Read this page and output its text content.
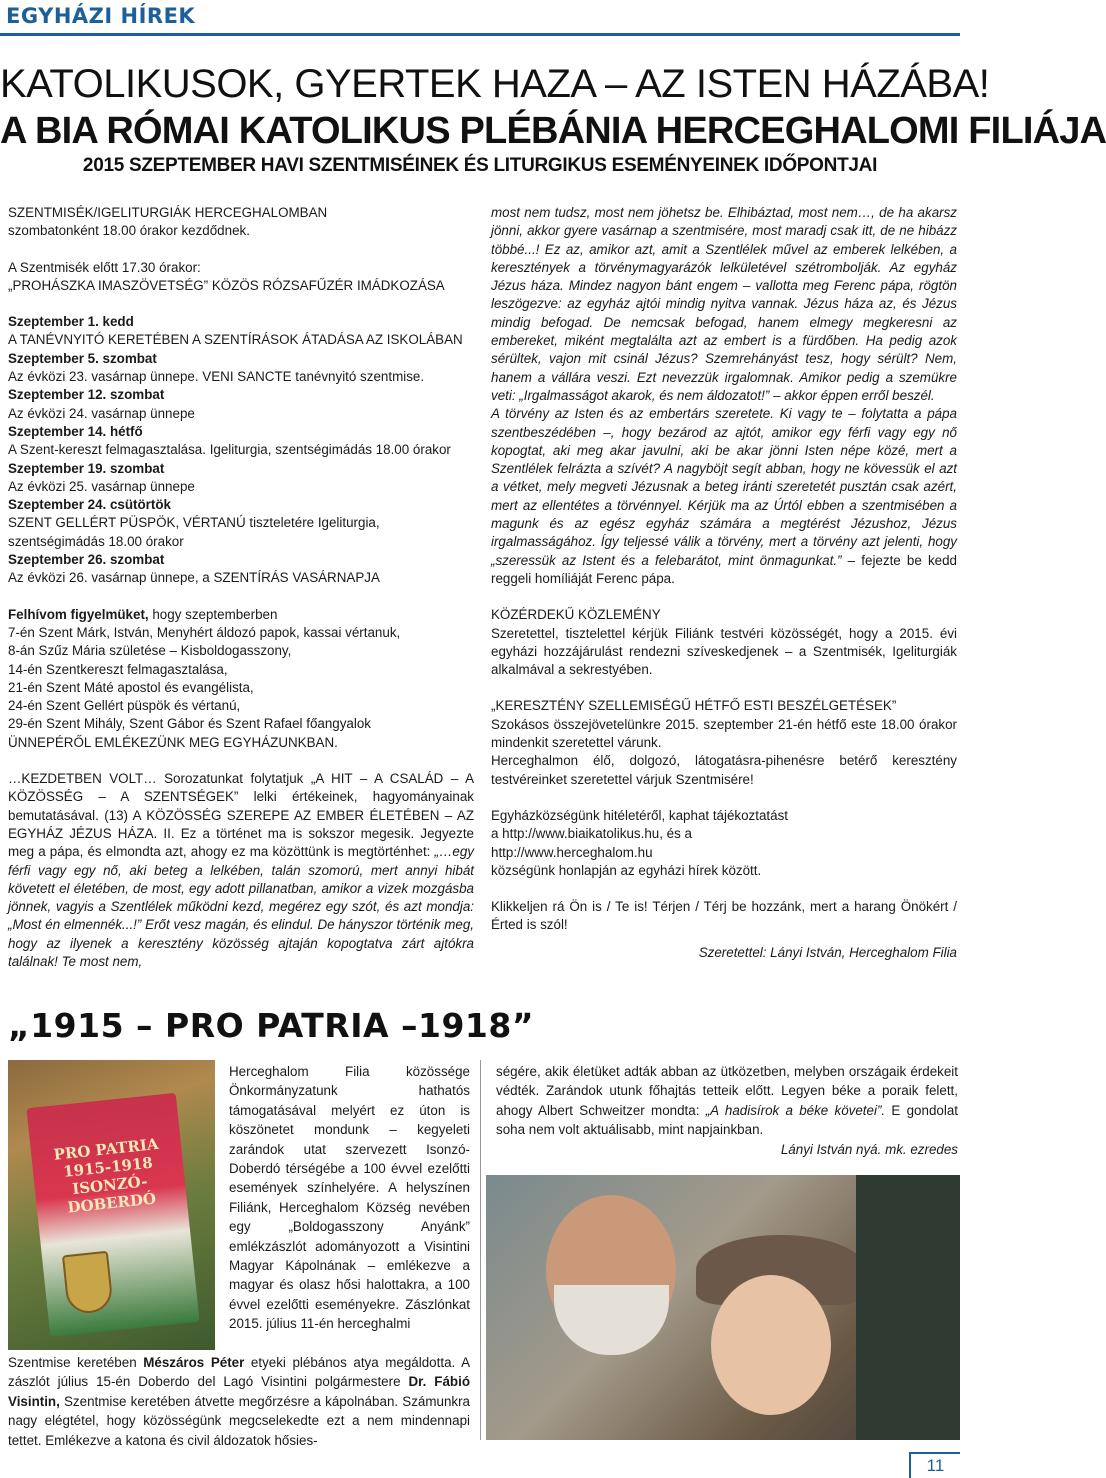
EGYHÁZI HÍREK
KATOLIKUSOK, GYERTEK HAZA – AZ ISTEN HÁZÁBA!
A BIA RÓMAI KATOLIKUS PLÉBÁNIA HERCEGHALOMI FILIÁJA
2015 SZEPTEMBER HAVI SZENTMISÉINEK ÉS LITURGIKUS ESEMÉNYEINEK IDŐPONTJAI

SZENTMISÉK/IGELITURGIÁK HERCEGHALOMBAN

szombatonként 18.00 órakor kezdődnek.

A Szentmisék előtt 17.30 órakor:

„PROHÁSZKA IMASZÖVETSÉG” KÖZÖS RÓZSAFŰZÉR IMÁDKOZÁSA

Szeptember 1. kedd

A TANÉVNYITÓ KERETÉBEN A SZENTÍRÁSOK ÁTADÁSA AZ ISKOLÁBAN

Szeptember 5. szombat

Az évközi 23. vasárnap ünnepe. VENI SANCTE tanévnyitó szentmise.

Szeptember 12. szombat

Az évközi 24. vasárnap ünnepe

Szeptember 14. hétfő

A Szent-kereszt felmagasztalása. Igeliturgia, szentségimádás 18.00 órakor

Szeptember 19. szombat

Az évközi 25. vasárnap ünnepe

Szeptember 24. csütörtök

SZENT GELLÉRT PÜSPÖK, VÉRTANÚ tiszteletére Igeliturgia, szentségimádás 18.00 órakor

Szeptember 26. szombat

Az évközi 26. vasárnap ünnepe, a SZENTÍRÁS VASÁRNAPJA

Felhívom figyelmüket, hogy szeptemberben

7-én Szent Márk, István, Menyhért áldozó papok, kassai vértanuk,

8-án Szűz Mária születése – Kisboldogasszony,

14-én Szentkereszt felmagasztalása,

21-én Szent Máté apostol és evangélista,

24-én Szent Gellért püspök és vértanú,

29-én Szent Mihály, Szent Gábor és Szent Rafael főangyalok

ÜNNEPÉRŐL EMLÉKEZÜNK MEG EGYHÁZUNKBAN.

…KEZDETBEN VOLT… Sorozatunkat folytatjuk „A HIT – A CSALÁD – A KÖZÖSSÉG – A SZENTSÉGEK” lelki értékeinek, hagyományainak bemutatásával. (13) A KÖZÖSSÉG SZEREPE AZ EMBER ÉLETÉBEN – AZ EGYHÁZ JÉZUS HÁZA. II. Ez a történet ma is sokszor megesik. Jegyezte meg a pápa, és elmondta azt, ahogy ez ma közöttünk is megtörténhet: „…egy férfi vagy egy nő, aki beteg a lelkében, talán szomorú, mert annyi hibát követett el életében, de most, egy adott pillanatban, amikor a vizek mozgásba jönnek, vagyis a Szentlélek működni kezd, megérez egy szót, és azt mondja: „Most én elmennék...!” Erőt vesz magán, és elindul. De hányszor történik meg, hogy az ilyenek a keresztény közösség ajtaján kopogtatva zárt ajtókra találnak! Te most nem,

most nem tudsz, most nem jöhetsz be. Elhibáztad, most nem…, de ha akarsz jönni, akkor gyere vasárnap a szentmisére, most maradj csak itt, de ne hibázz többé...! Ez az, amikor azt, amit a Szentlélek művel az emberek lelkében, a keresztények a törvénymagyarázók lelkületével szétrombolják. Az egyház Jézus háza. Mindez nagyon bánt engem – vallotta meg Ferenc pápa, rögtön leszögezve: az egyház ajtói mindig nyitva vannak. Jézus háza az, és Jézus mindig befogad. De nemcsak befogad, hanem elmegy megkeresni az embereket, miként megtalálta azt az embert is a fürdőben. Ha pedig azok sérültek, vajon mit csinál Jézus? Szemrehányást tesz, hogy sérült? Nem, hanem a vállára veszi. Ezt nevezzük irgalomnak. Amikor pedig a szemükre veti: „Irgalmasságot akarok, és nem áldozatot!” – akkor éppen erről beszél.

A törvény az Isten és az embertárs szeretete. Ki vagy te – folytatta a pápa szentbeszédében –, hogy bezárod az ajtót, amikor egy férfi vagy egy nő kopogtat, aki meg akar javulni, aki be akar jönni Isten népe közé, mert a Szentlélek felrázta a szívét? A nagyböjt segít abban, hogy ne kövessük el azt a vétket, mely megveti Jézusnak a beteg iránti szeretetét pusztán csak azért, mert az ellentétes a törvénnyel. Kérjük ma az Úrtól ebben a szentmisében a magunk és az egész egyház számára a megtérést Jézushoz, Jézus irgalmasságához. Így teljessé válik a törvény, mert a törvény azt jelenti, hogy „szeressük az Istent és a felebarátot, mint önmagunkat.” – fejezte be kedd reggeli homíliáját Ferenc pápa.

KÖZÉRDEKŰ KÖZLEMÉNY

Szeretettel, tisztelettel kérjük Filiánk testvéri közösségét, hogy a 2015. évi egyházi hozzájárulást rendezni szíveskedjenek – a Szentmisék, Igeliturgiák alkalmával a sekrestyében.

„KERESZTÉNY SZELLEMISÉGŰ HÉTFŐ ESTI BESZÉLGETÉSEK”

Szokásos összejövetelünkre 2015. szeptember 21-én hétfő este 18.00 órakor mindenkit szeretettel várunk.

Herceghalmon élő, dolgozó, látogatásra-pihenésre betérő keresztény testvéreinket szeretettel várjuk Szentmisére!

Egyházközségünk hitéletéről, kaphat tájékoztatást

a http://www.biaikatolikus.hu, és a

http://www.herceghalom.hu

községünk honlapján az egyházi hírek között.

Klikkeljen rá Ön is / Te is! Térjen / Térj be hozzánk, mert a harang Önökért / Érted is szól!

Szeretettel: Lányi István, Herceghalom Filia

„1915 – PRO PATRIA –1918”
PRO PATRIA 1915-1918 ISONZÓ-DOBERDÓ
Herceghalom Filia közössége Önkormányzatunk hathatós támogatásával melyért ez úton is köszönetet mondunk – kegyeleti zarándok utat szervezett Isonzó-Doberdó térségébe a 100 évvel ezelőtti események színhelyére. A helyszínen Filiánk, Herceghalom Község nevében egy „Boldogasszony Anyánk” emlékzászlót adományozott a Visintini Magyar Kápolnának – emlékezve a magyar és olasz hősi halottakra, a 100 évvel ezelőtti eseményekre. Zászlónkat 2015. július 11-én herceghalmi
Szentmise keretében Mészáros Péter etyeki plébános atya megáldotta. A zászlót július 15-én Doberdo del Lagó Visintini polgármestere Dr. Fábió Visintin, Szentmise keretében átvette megőrzésre a kápolnában. Számunkra nagy elégtétel, hogy közösségünk megcselekedte ezt a nem mindennapi tettet. Emlékezve a katona és civil áldozatok hősies-

ségére, akik életüket adták abban az ütközetben, melyben országaik érdekeit védték. Zarándok utunk főhajtás tetteik előtt. Legyen béke a poraik felett, ahogy Albert Schweitzer mondta: „A hadisírok a béke követei”. E gondolat soha nem volt aktuálisabb, mint napjainkban.

Lányi István nyá. mk. ezredes

11
